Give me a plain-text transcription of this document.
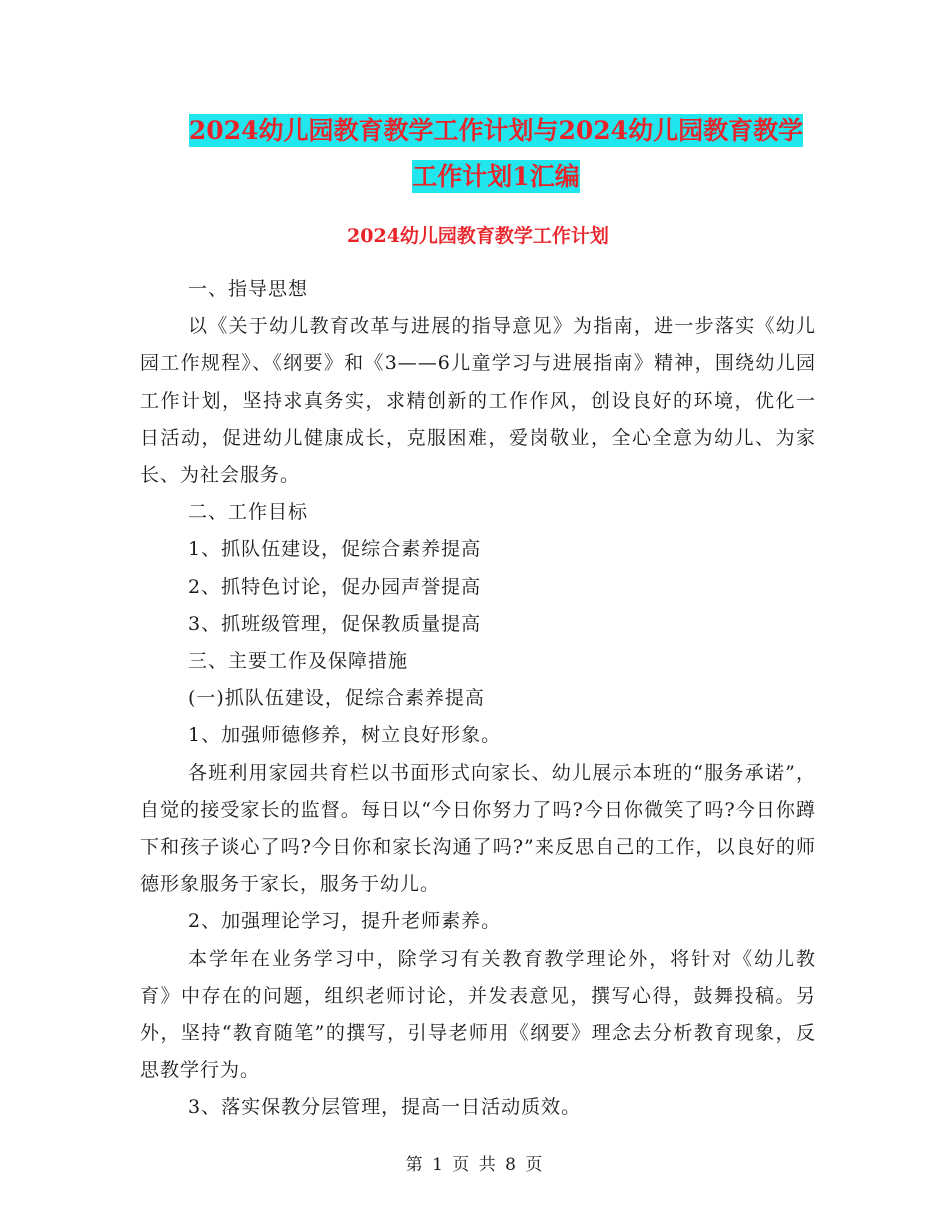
2024幼儿园教育教学工作计划与2024幼儿园教育教学
工作计划1汇编
2024幼儿园教育教学工作计划

一、指导思想

以《关于幼儿教育改革与进展的指导意见》为指南，进一步落实《幼儿园工作规程》、《纲要》和《3——6儿童学习与进展指南》精神，围绕幼儿园工作计划，坚持求真务实，求精创新的工作作风，创设良好的环境，优化一日活动，促进幼儿健康成长，克服困难，爱岗敬业，全心全意为幼儿、为家长、为社会服务。

二、工作目标

1、抓队伍建设，促综合素养提高

2、抓特色讨论，促办园声誉提高

3、抓班级管理，促保教质量提高

三、主要工作及保障措施

(一)抓队伍建设，促综合素养提高

1、加强师德修养，树立良好形象。

各班利用家园共育栏以书面形式向家长、幼儿展示本班的“服务承诺”，自觉的接受家长的监督。每日以“今日你努力了吗?今日你微笑了吗?今日你蹲下和孩子谈心了吗?今日你和家长沟通了吗?”来反思自己的工作，以良好的师德形象服务于家长，服务于幼儿。

2、加强理论学习，提升老师素养。

本学年在业务学习中，除学习有关教育教学理论外，将针对《幼儿教育》中存在的问题，组织老师讨论，并发表意见，撰写心得，鼓舞投稿。另外，坚持“教育随笔”的撰写，引导老师用《纲要》理念去分析教育现象，反思教学行为。

3、落实保教分层管理，提高一日活动质效。

第 1 页 共 8 页
